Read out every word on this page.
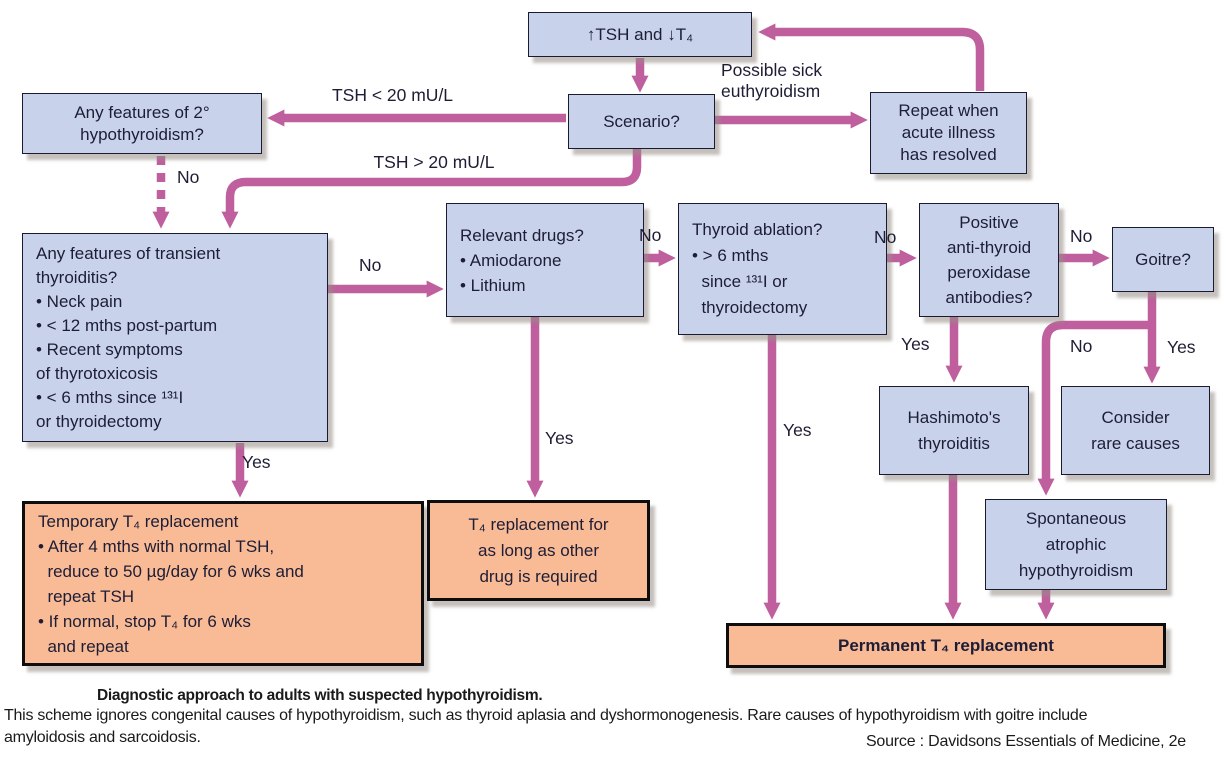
↑TSH and ↓T₄
Scenario?
Repeat when
acute illness
has resolved
Any features of 2°
hypothyroidism?
Any features of transient
thyroiditis?
• Neck pain
• < 12 mths post-partum
• Recent symptoms
of thyrotoxicosis
• < 6 mths since ¹³¹I
or thyroidectomy
Relevant drugs?
• Amiodarone
• Lithium
Thyroid ablation?
• > 6 mths
since ¹³¹I or
thyroidectomy
Positive
anti-thyroid
peroxidase
antibodies?
Goitre?
Hashimoto's
thyroiditis
Consider
rare causes
Spontaneous
atrophic
hypothyroidism
Temporary T₄ replacement
• After 4 mths with normal TSH,
reduce to 50 µg/day for 6 wks and
repeat TSH
• If normal, stop T₄ for 6 wks
and repeat
T₄ replacement for
as long as other
drug is required
Permanent T₄ replacement
TSH < 20 mU/L
TSH > 20 mU/L
Possible sick
euthyroidism
No
No
No	No	No
No
Yes
Yes	Yes
Yes	Yes
Diagnostic approach to adults with suspected hypothyroidism.
This scheme ignores congenital causes of hypothyroidism, such as thyroid aplasia and dyshormonogenesis. Rare causes of hypothyroidism with goitre include
amyloidosis and sarcoidosis.	Source : Davidsons Essentials of Medicine, 2e
